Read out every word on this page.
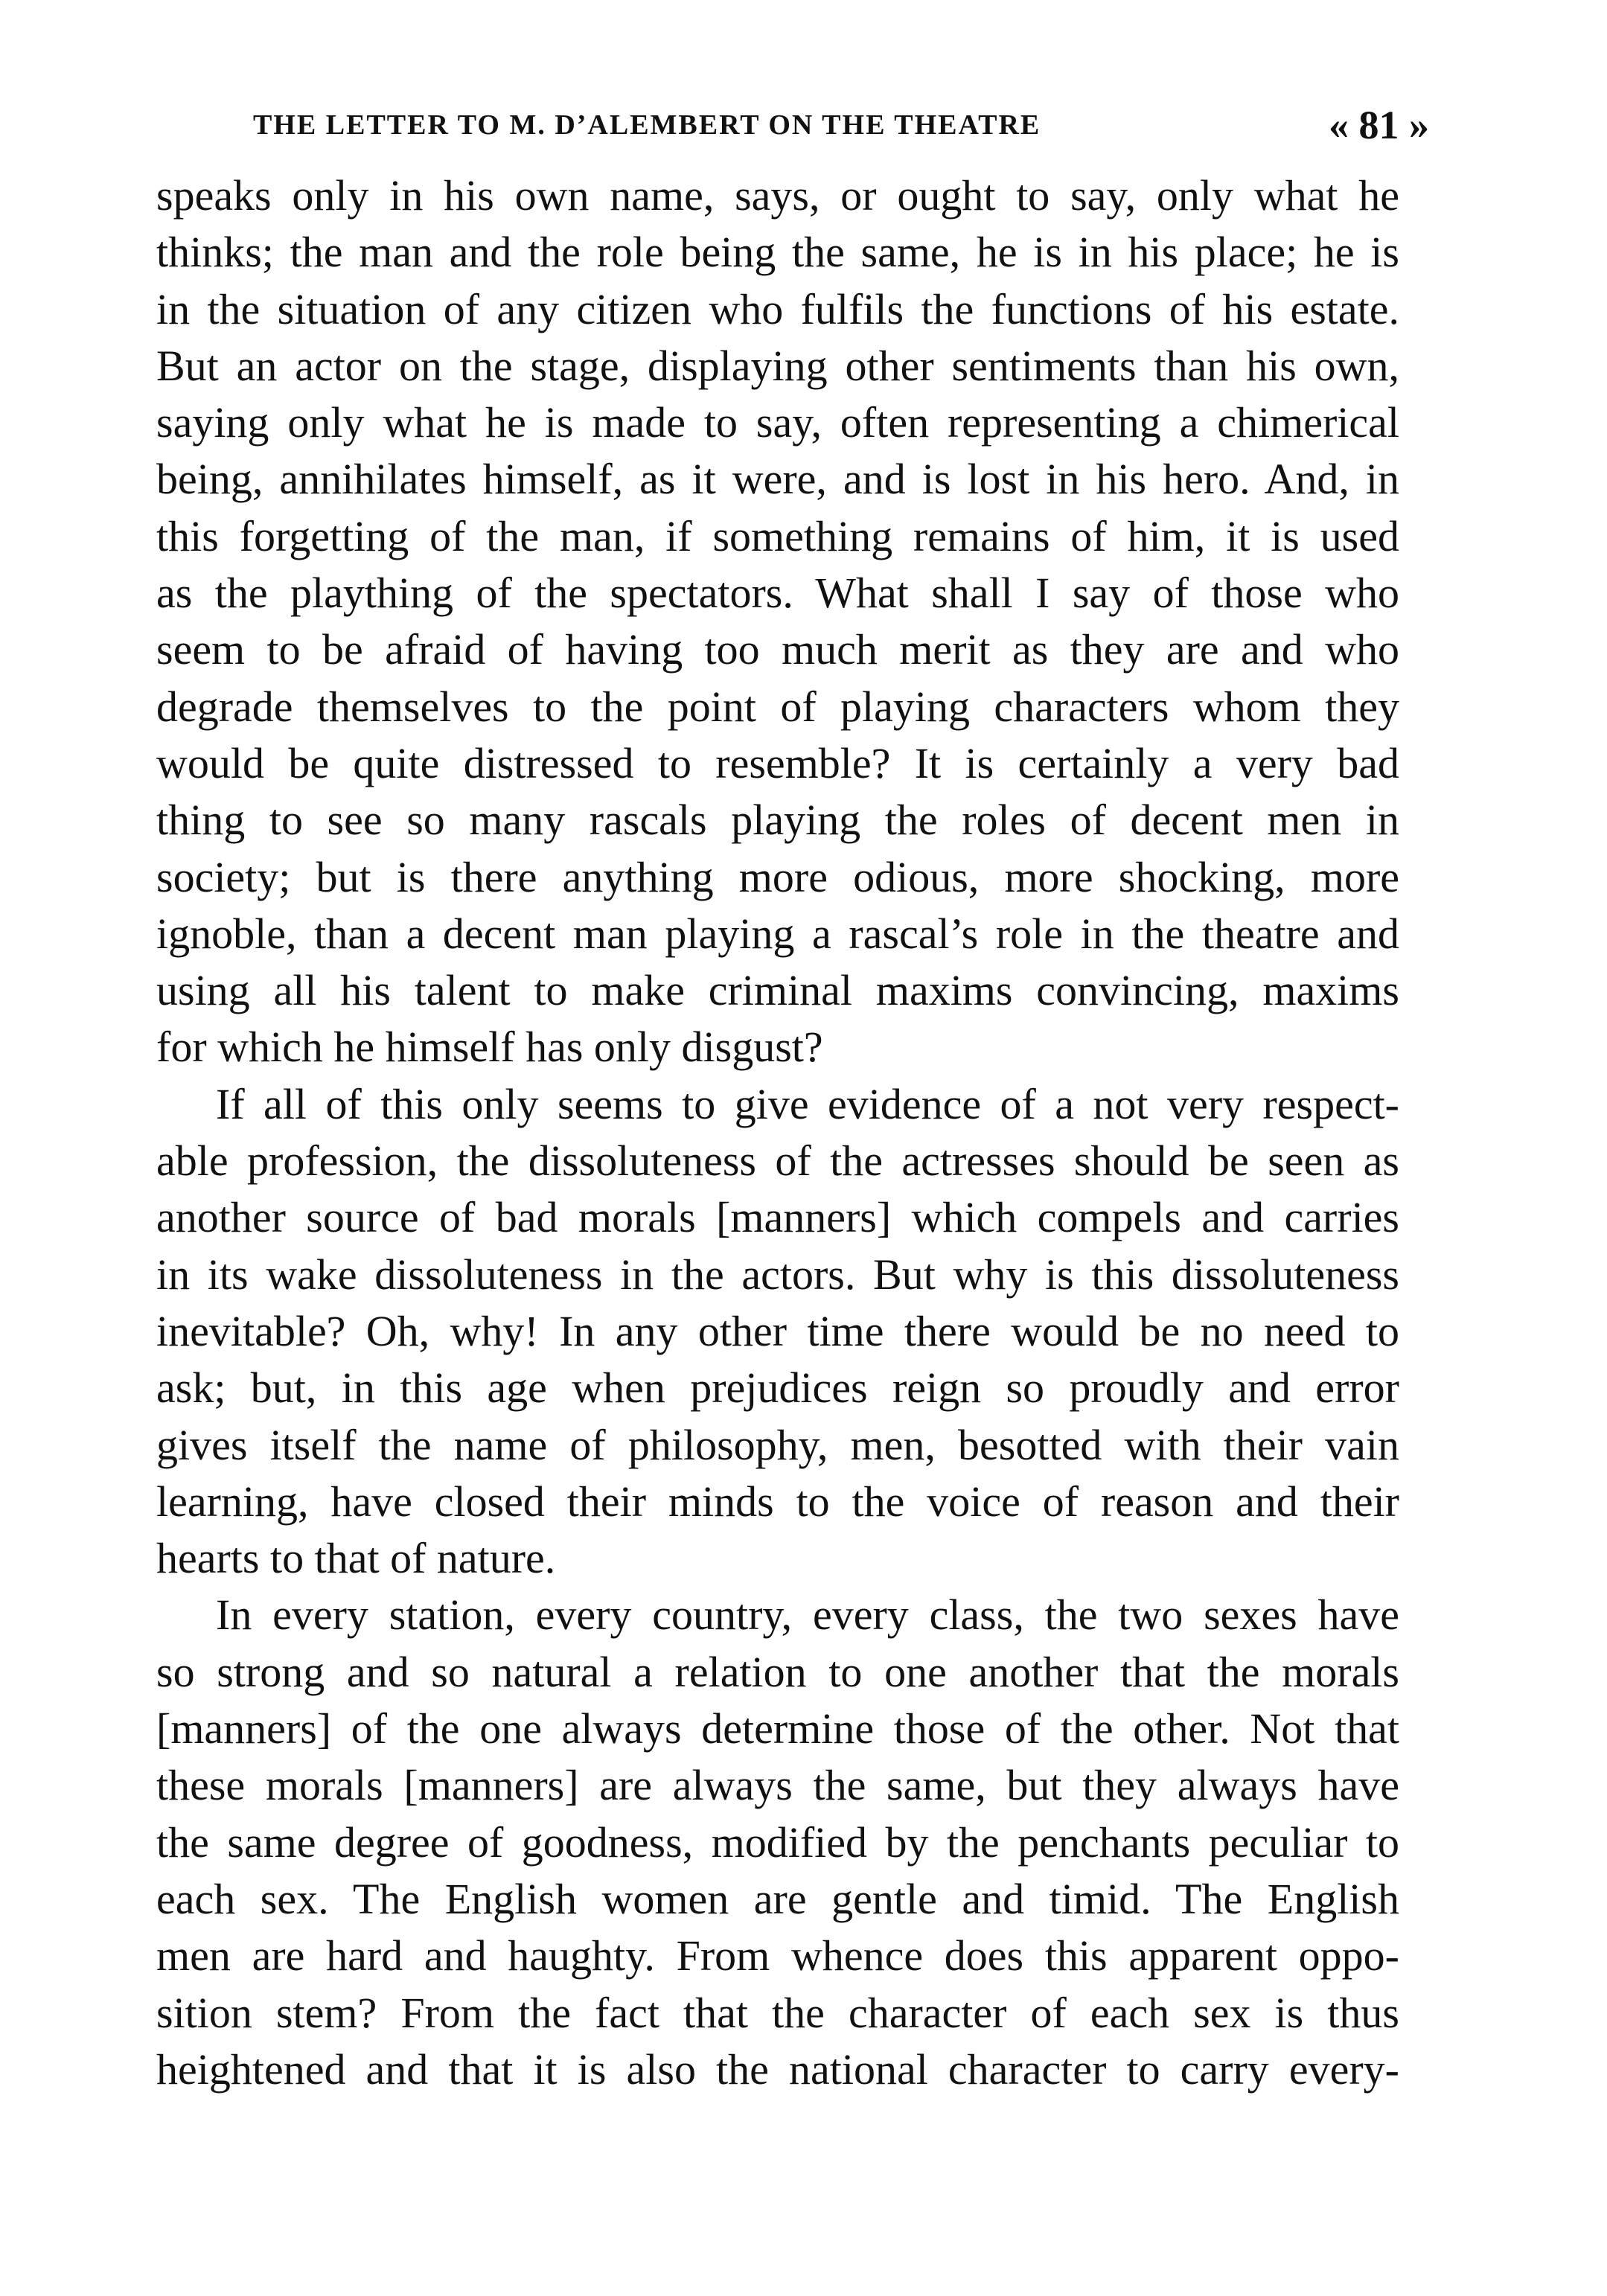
THE LETTER TO M. D’ALEMBERT ON THE THEATRE	« 81 »
speaks only in his own name, says, or ought to say, only what he
thinks; the man and the role being the same, he is in his place; he is
in the situation of any citizen who fulfils the functions of his estate.
But an actor on the stage, displaying other sentiments than his own,
saying only what he is made to say, often representing a chimerical
being, annihilates himself, as it were, and is lost in his hero. And, in
this forgetting of the man, if something remains of him, it is used
as the plaything of the spectators. What shall I say of those who
seem to be afraid of having too much merit as they are and who
degrade themselves to the point of playing characters whom they
would be quite distressed to resemble? It is certainly a very bad
thing to see so many rascals playing the roles of decent men in
society; but is there anything more odious, more shocking, more
ignoble, than a decent man playing a rascal’s role in the theatre and
using all his talent to make criminal maxims convincing, maxims
for which he himself has only disgust?
If all of this only seems to give evidence of a not very respect-
able profession, the dissoluteness of the actresses should be seen as
another source of bad morals [manners] which compels and carries
in its wake dissoluteness in the actors. But why is this dissoluteness
inevitable? Oh, why! In any other time there would be no need to
ask; but, in this age when prejudices reign so proudly and error
gives itself the name of philosophy, men, besotted with their vain
learning, have closed their minds to the voice of reason and their
hearts to that of nature.
In every station, every country, every class, the two sexes have
so strong and so natural a relation to one another that the morals
[manners] of the one always determine those of the other. Not that
these morals [manners] are always the same, but they always have
the same degree of goodness, modified by the penchants peculiar to
each sex. The English women are gentle and timid. The English
men are hard and haughty. From whence does this apparent oppo-
sition stem? From the fact that the character of each sex is thus
heightened and that it is also the national character to carry every-
